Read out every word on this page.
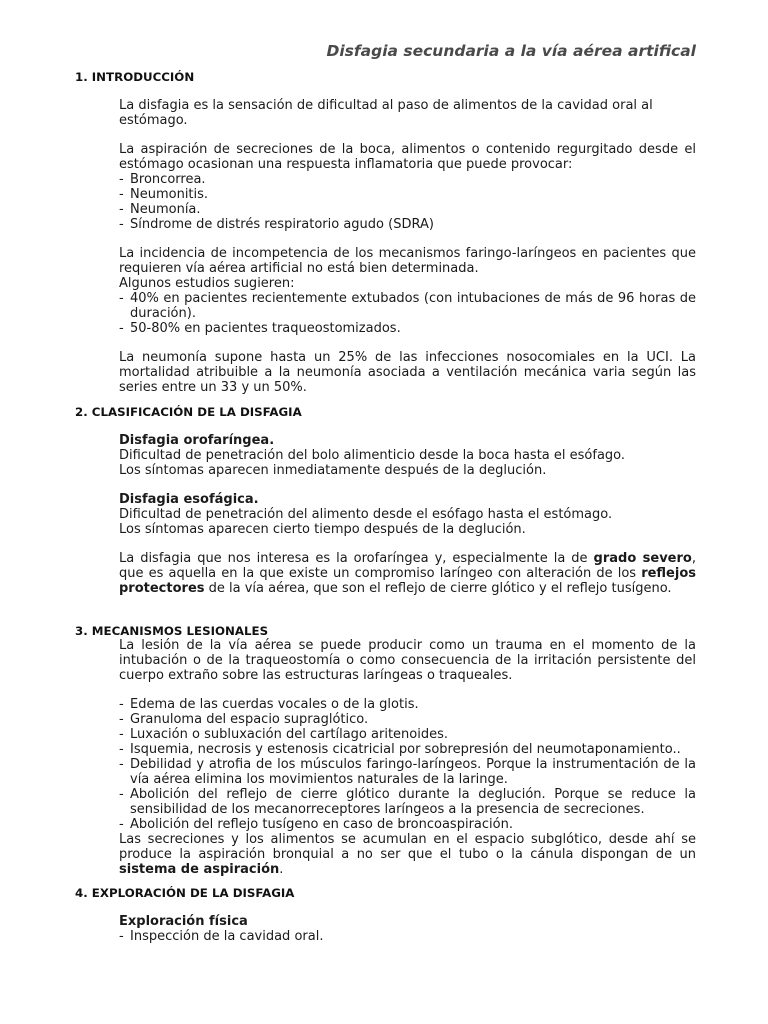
Disfagia secundaria a la vía aérea artifical
1. INTRODUCCIÓN

La disfagia es la sensación de dificultad al paso de alimentos de la cavidad oral al estómago.

La aspiración de secreciones de la boca, alimentos o contenido regurgitado desde el estómago ocasionan una respuesta inflamatoria que puede provocar:

- Broncorrea.
- Neumonitis.
- Neumonía.
- Síndrome de distrés respiratorio agudo (SDRA)

La incidencia de incompetencia de los mecanismos faringo-laríngeos en pacientes que requieren vía aérea artificial no está bien determinada.

Algunos estudios sugieren:

- 40% en pacientes recientemente extubados (con intubaciones de más de 96 horas de duración).
- 50-80% en pacientes traqueostomizados.

La neumonía supone hasta un 25% de las infecciones nosocomiales en la UCI. La mortalidad atribuible a la neumonía asociada a ventilación mecánica varia según las series entre un 33 y un 50%.

2. CLASIFICACIÓN DE LA DISFAGIA

Disfagia orofaríngea.

Dificultad de penetración del bolo alimenticio desde la boca hasta el esófago.

Los síntomas aparecen inmediatamente después de la deglución.

Disfagia esofágica.

Dificultad de penetración del alimento desde el esófago hasta el estómago.

Los síntomas aparecen cierto tiempo después de la deglución.

La disfagia que nos interesa es la orofaríngea y, especialmente la de grado severo, que es aquella en la que existe un compromiso laríngeo con alteración de los reflejos protectores de la vía aérea, que son el reflejo de cierre glótico y el reflejo tusígeno.

3. MECANISMOS LESIONALES

La lesión de la vía aérea se puede producir como un trauma en el momento de la intubación o de la traqueostomía o como consecuencia de la irritación persistente del cuerpo extraño sobre las estructuras laríngeas o traqueales.

- Edema de las cuerdas vocales o de la glotis.
- Granuloma del espacio supraglótico.
- Luxación o subluxación del cartílago aritenoides.
- Isquemia, necrosis y estenosis cicatricial por sobrepresión del neumotaponamiento..
- Debilidad y atrofia de los músculos faringo-laríngeos. Porque la instrumentación de la vía aérea elimina los movimientos naturales de la laringe.
- Abolición del reflejo de cierre glótico durante la deglución. Porque se reduce la sensibilidad de los mecanorreceptores laríngeos a la presencia de secreciones.
- Abolición del reflejo tusígeno en caso de broncoaspiración.

Las secreciones y los alimentos se acumulan en el espacio subglótico, desde ahí se produce la aspiración bronquial a no ser que el tubo o la cánula dispongan de un sistema de aspiración.

4. EXPLORACIÓN DE LA DISFAGIA

Exploración física

- Inspección de la cavidad oral.
